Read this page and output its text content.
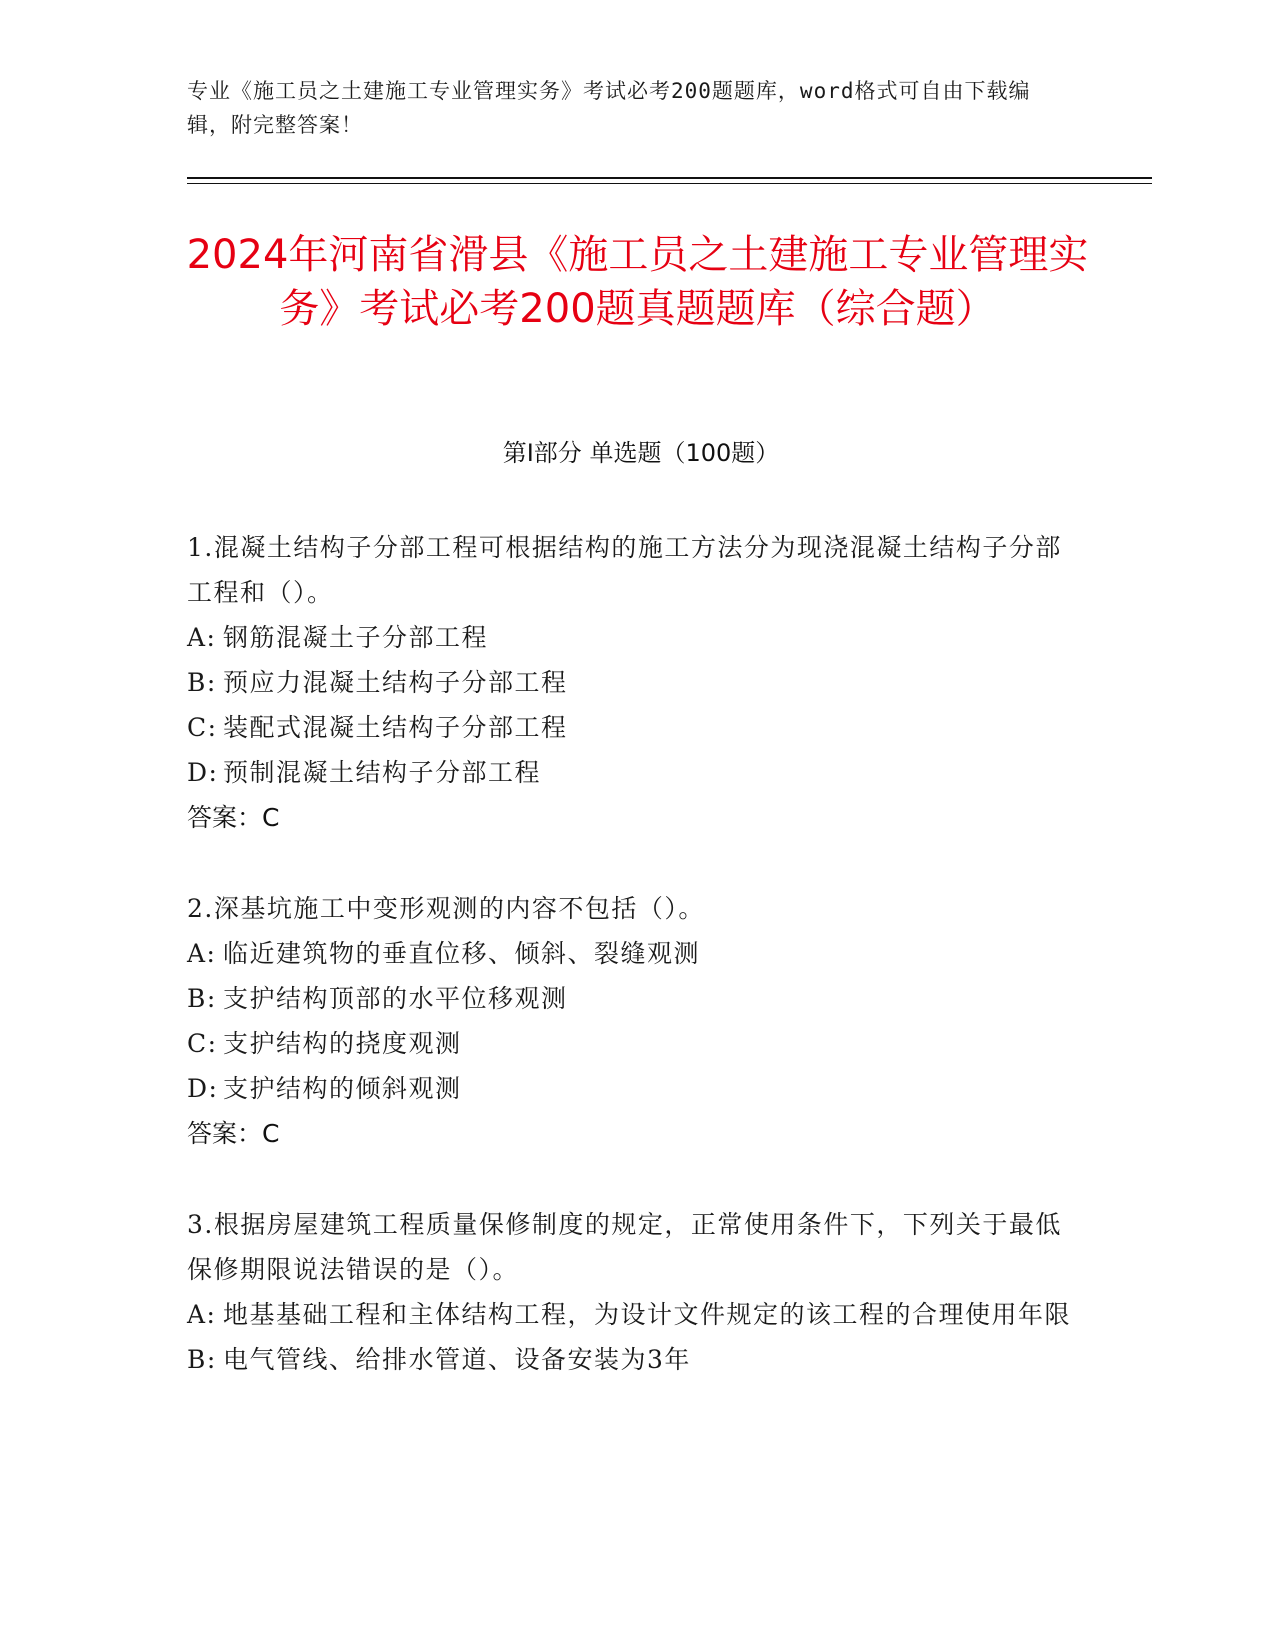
专业《施工员之土建施工专业管理实务》考试必考200题题库，word格式可自由下载编辑，附完整答案！
2024年河南省滑县《施工员之土建施工专业管理实务》考试必考200题真题题库（综合题）
第Ⅰ部分 单选题（100题）
1.混凝土结构子分部工程可根据结构的施工方法分为现浇混凝土结构子分部工程和（）。
A: 钢筋混凝土子分部工程
B: 预应力混凝土结构子分部工程
C: 装配式混凝土结构子分部工程
D: 预制混凝土结构子分部工程
答案：C
2.深基坑施工中变形观测的内容不包括（）。
A: 临近建筑物的垂直位移、倾斜、裂缝观测
B: 支护结构顶部的水平位移观测
C: 支护结构的挠度观测
D: 支护结构的倾斜观测
答案：C
3.根据房屋建筑工程质量保修制度的规定，正常使用条件下，下列关于最低保修期限说法错误的是（）。
A: 地基基础工程和主体结构工程，为设计文件规定的该工程的合理使用年限
B: 电气管线、给排水管道、设备安装为3年
